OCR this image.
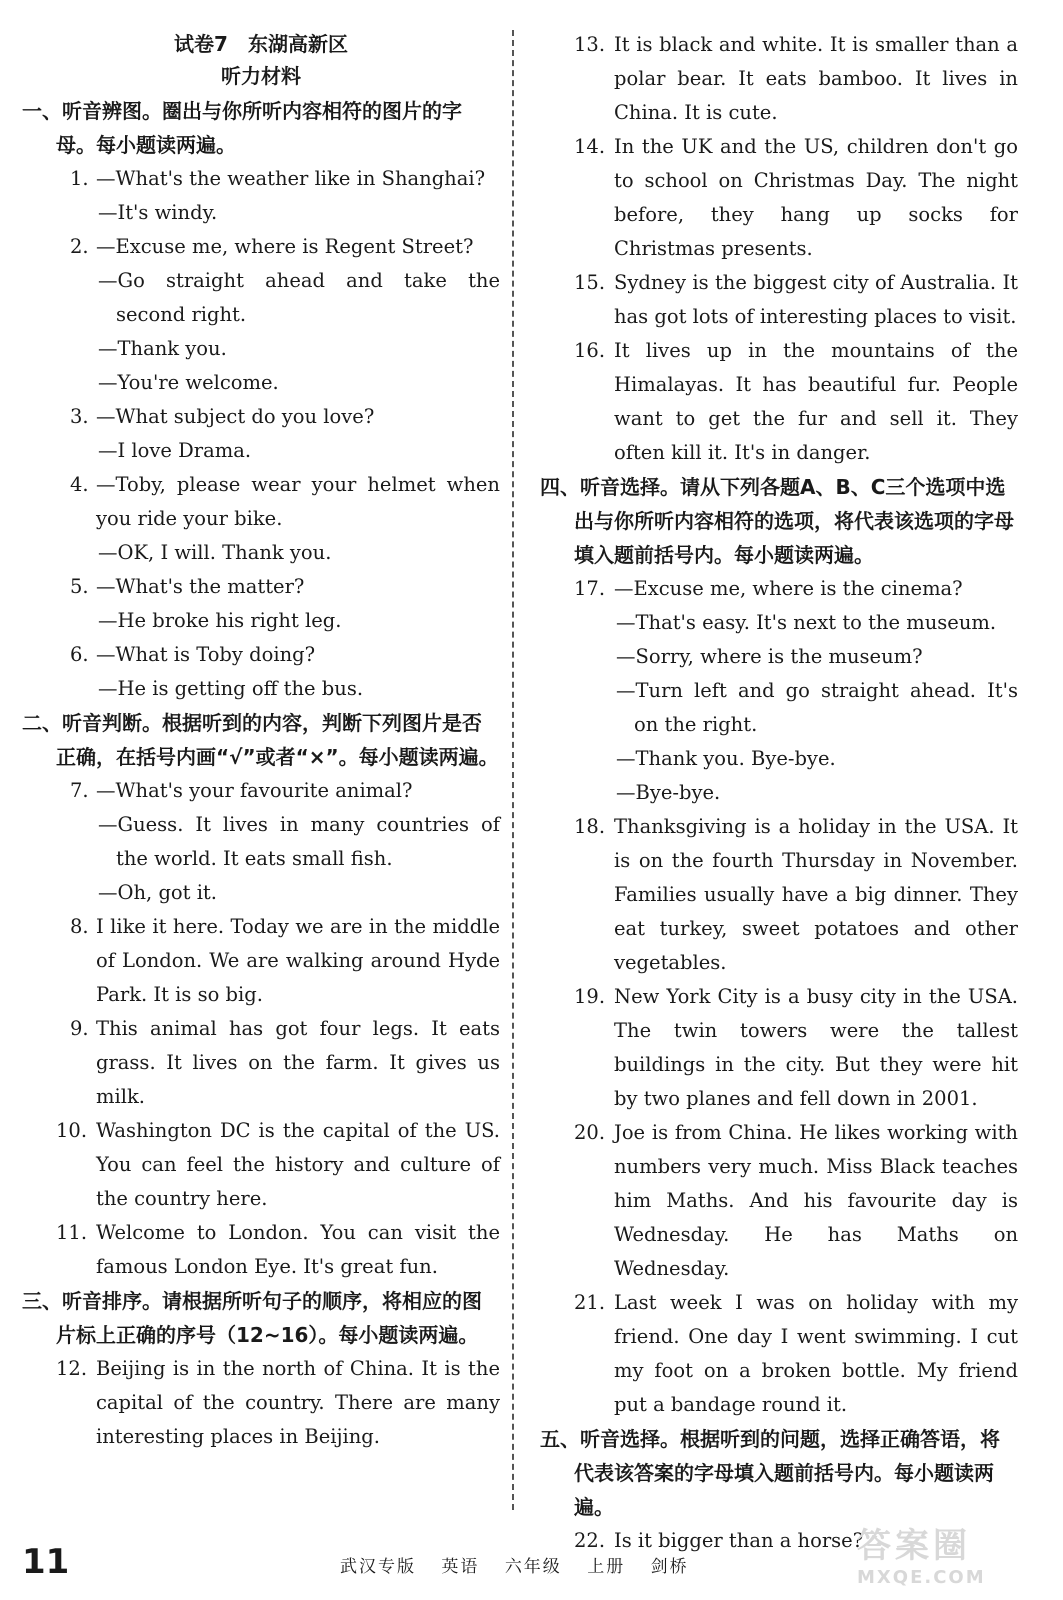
试卷7　东湖高新区

听力材料

一、听音辨图。圈出与你所听内容相符的图片的字母。每小题读两遍。

1. —What's the weather like in Shanghai?

—It's windy.

2. —Excuse me, where is Regent Street?

—Go straight ahead and take the second right.

—Thank you.

—You're welcome.

3. —What subject do you love?

—I love Drama.

4. —Toby, please wear your helmet when you ride your bike.

—OK, I will. Thank you.

5. —What's the matter?

—He broke his right leg.

6. —What is Toby doing?

—He is getting off the bus.

二、听音判断。根据听到的内容，判断下列图片是否正确，在括号内画“√”或者“×”。每小题读两遍。

7. —What's your favourite animal?

—Guess. It lives in many countries of the world. It eats small fish.

—Oh, got it.

8. I like it here. Today we are in the middle of London. We are walking around Hyde Park. It is so big.

9. This animal has got four legs. It eats grass. It lives on the farm. It gives us milk.

10. Washington DC is the capital of the US. You can feel the history and culture of the country here.

11. Welcome to London. You can visit the famous London Eye. It's great fun.

三、听音排序。请根据所听句子的顺序，将相应的图片标上正确的序号（12~16）。每小题读两遍。

12. Beijing is in the north of China. It is the capital of the country. There are many interesting places in Beijing.

13. It is black and white. It is smaller than a polar bear. It eats bamboo. It lives in China. It is cute.

14. In the UK and the US, children don't go to school on Christmas Day. The night before, they hang up socks for Christmas presents.

15. Sydney is the biggest city of Australia. It has got lots of interesting places to visit.

16. It lives up in the mountains of the Himalayas. It has beautiful fur. People want to get the fur and sell it. They often kill it. It's in danger.

四、听音选择。请从下列各题A、B、C三个选项中选出与你所听内容相符的选项，将代表该选项的字母填入题前括号内。每小题读两遍。

17. —Excuse me, where is the cinema?

—That's easy. It's next to the museum.

—Sorry, where is the museum?

—Turn left and go straight ahead. It's on the right.

—Thank you. Bye-bye.

—Bye-bye.

18. Thanksgiving is a holiday in the USA. It is on the fourth Thursday in November. Families usually have a big dinner. They eat turkey, sweet potatoes and other vegetables.

19. New York City is a busy city in the USA. The twin towers were the tallest buildings in the city. But they were hit by two planes and fell down in 2001.

20. Joe is from China. He likes working with numbers very much. Miss Black teaches him Maths. And his favourite day is Wednesday. He has Maths on Wednesday.

21. Last week I was on holiday with my friend. One day I went swimming. I cut my foot on a broken bottle. My friend put a bandage round it.

五、听音选择。根据听到的问题，选择正确答语，将代表该答案的字母填入题前括号内。每小题读两遍。

22. Is it bigger than a horse?

11	武汉专版 英语 六年级 上册 剑桥
答案圈
MXQE.COM
